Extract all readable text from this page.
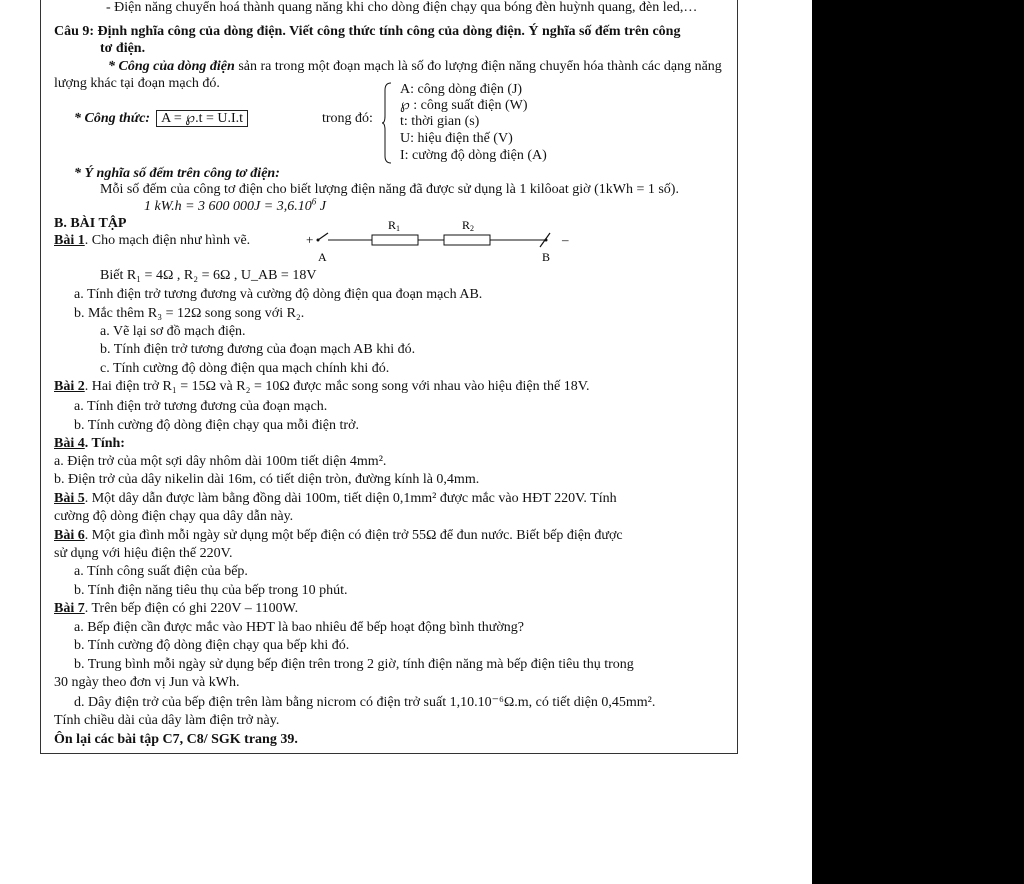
- Điện năng chuyển hoá thành quang năng khi cho dòng điện chạy qua bóng đèn huỳnh quang, đèn led,…
Câu 9: Định nghĩa công của dòng điện. Viết công thức tính công của dòng điện. Ý nghĩa số đếm trên công
tơ điện.
* Công của dòng điện sản ra trong một đoạn mạch là số đo lượng điện năng chuyển hóa thành các dạng năng
lượng khác tại đoạn mạch đó.
* Công thức: A = ℘.t = U.I.t	trong đó:
A: công dòng điện (J)
℘ : công suất điện (W)
t: thời gian (s)
U: hiệu điện thế (V)
I: cường độ dòng điện (A)
* Ý nghĩa số đếm trên công tơ điện:
Mỗi số đếm của công tơ điện cho biết lượng điện năng đã được sử dụng là 1 kilôoat giờ (1kWh = 1 số).
1 kW.h = 3 600 $000J = 3,6.10^6$ J
B. BÀI TẬP
Bài 1. Cho mạch điện như hình vẽ.	+	–
R1	R2
A	B
Biết R₁ = 4Ω , R₂ = 6Ω , U_AB = 18V
a. Tính điện trở tương đương và cường độ dòng điện qua đoạn mạch AB.
b. Mắc thêm R₃ = 12Ω song song với R₂.
a. Vẽ lại sơ đồ mạch điện.
b. Tính điện trở tương đương của đoạn mạch AB khi đó.
c. Tính cường độ dòng điện qua mạch chính khi đó.
Bài 2. Hai điện trở R₁ = 15Ω và R₂ = 10Ω được mắc song song với nhau vào hiệu điện thế 18V.
a. Tính điện trở tương đương của đoạn mạch.
b. Tính cường độ dòng điện chạy qua mỗi điện trở.
Bài 4. Tính:
a. Điện trở của một sợi dây nhôm dài 100m tiết diện 4mm².
b. Điện trở của dây nikelin dài 16m, có tiết diện tròn, đường kính là 0,4mm.
Bài 5. Một dây dẫn được làm bằng đồng dài 100m, tiết diện 0,1mm² được mắc vào HĐT 220V. Tính
cường độ dòng điện chạy qua dây dẫn này.
Bài 6. Một gia đình mỗi ngày sử dụng một bếp điện có điện trở 55Ω để đun nước. Biết bếp điện được
sử dụng với hiệu điện thế 220V.
a. Tính công suất điện của bếp.
b. Tính điện năng tiêu thụ của bếp trong 10 phút.
Bài 7. Trên bếp điện có ghi 220V – 1100W.
a. Bếp điện cần được mắc vào HĐT là bao nhiêu để bếp hoạt động bình thường?
b. Tính cường độ dòng điện chạy qua bếp khi đó.
b. Trung bình mỗi ngày sử dụng bếp điện trên trong 2 giờ, tính điện năng mà bếp điện tiêu thụ trong
30 ngày theo đơn vị Jun và kWh.
d. Dây điện trở của bếp điện trên làm bằng nicrom có điện trở suất 1,10.10⁻⁶Ω.m, có tiết diện 0,45mm².
Tính chiều dài của dây làm điện trở này.
Ôn lại các bài tập C7, C8/ SGK trang 39.
